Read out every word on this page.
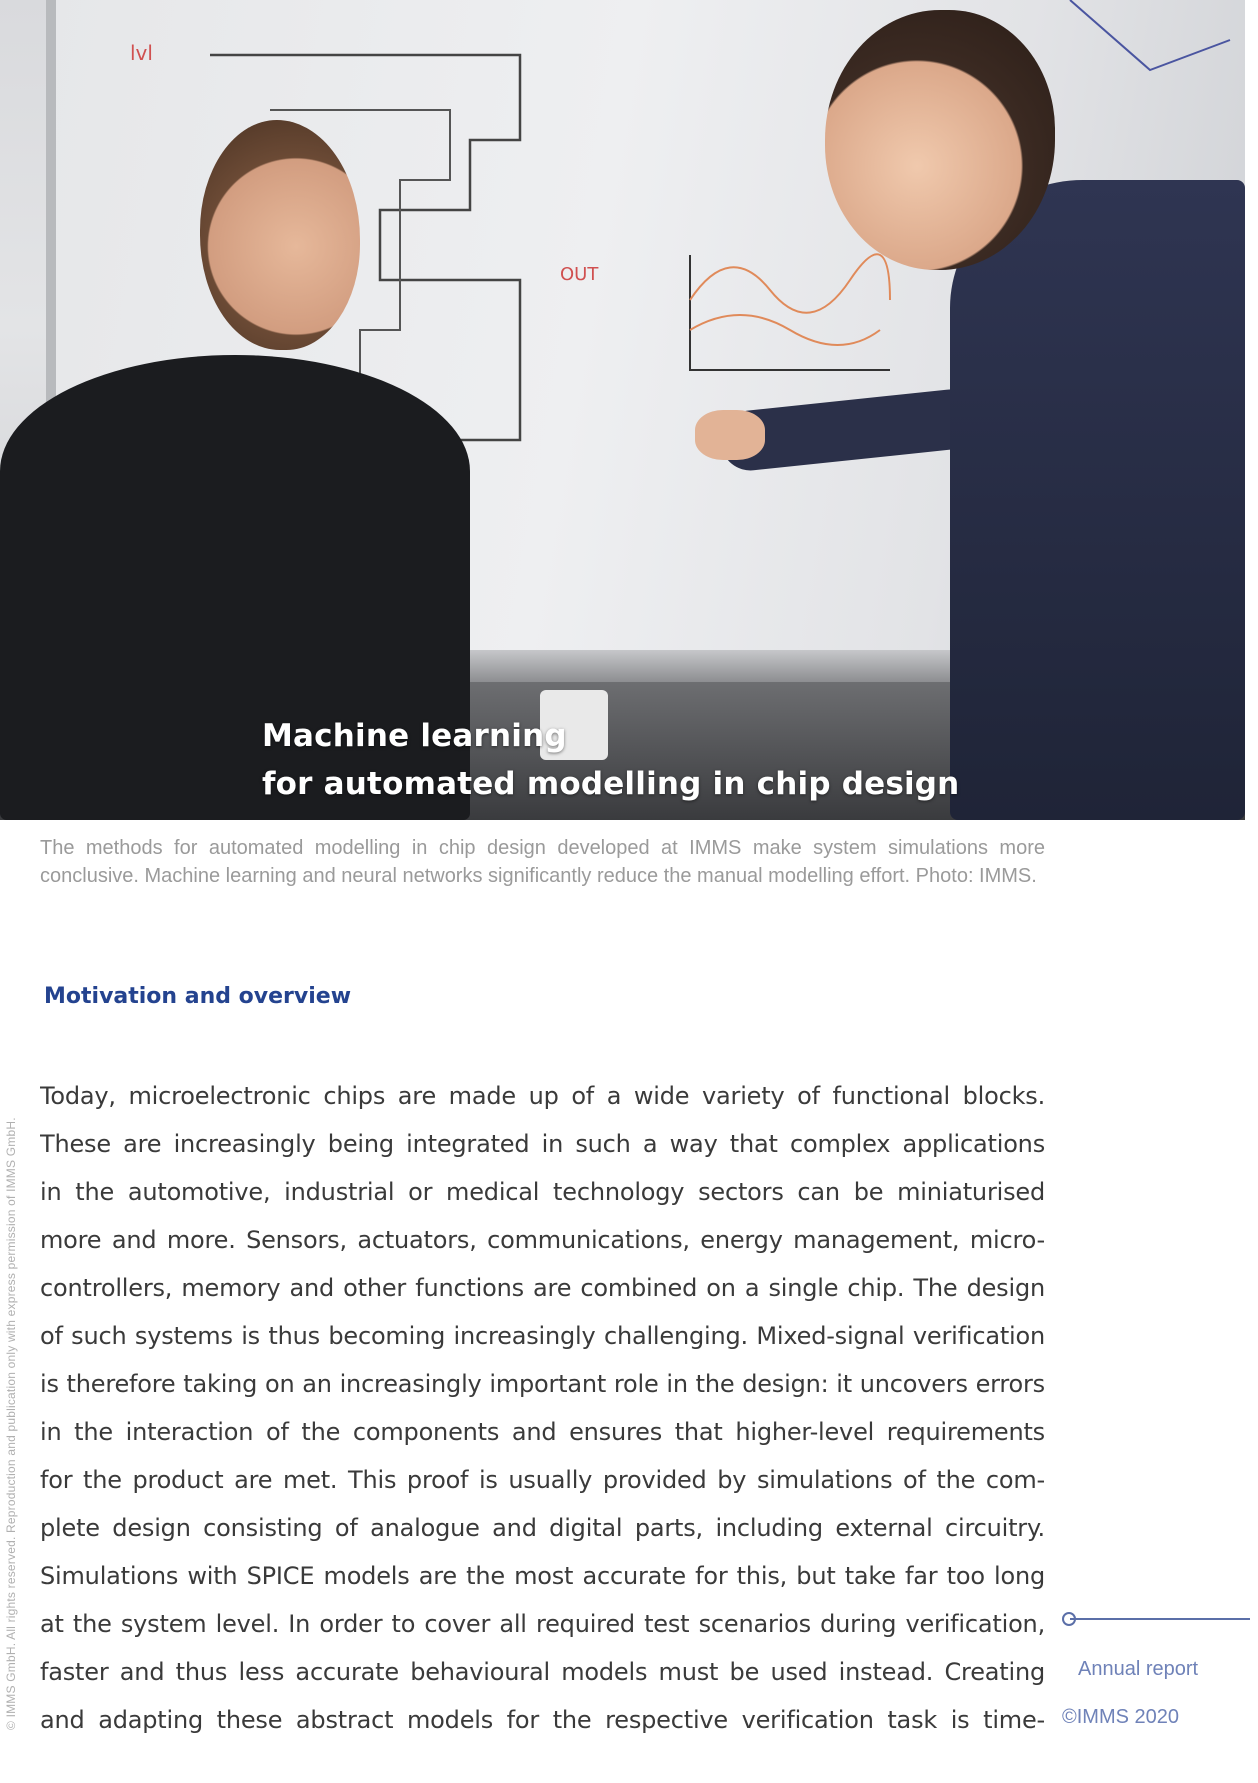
lvl
OUT
Machine learning
for automated modelling in chip design

The methods for automated modelling in chip design developed at IMMS make system simulations more conclusive. Machine learning and neural networks significantly reduce the manual modelling effort. Photo: IMMS.

© IMMS GmbH. All rights reserved. Reproduction and publication only with express permission of IMMS GmbH.
Motivation and overview
Today, microelectronic chips are made up of a wide variety of functional blocks.
These are increasingly being integrated in such a way that complex applications
in the automotive, industrial or medical technology sectors can be miniaturised
more and more. Sensors, actuators, communications, energy management, micro-
controllers, memory and other functions are combined on a single chip. The design
of such systems is thus becoming increasingly challenging. Mixed-signal verification
is therefore taking on an increasingly important role in the design: it uncovers errors
in the interaction of the components and ensures that higher-level requirements
for the product are met. This proof is usually provided by simulations of the com-
plete design consisting of analogue and digital parts, including external circuitry.
Simulations with SPICE models are the most accurate for this, but take far too long
at the system level. In order to cover all required test scenarios during verification,
faster and thus less accurate behavioural models must be used instead. Creating
and adapting these abstract models for the respective verification task is time-
Annual report
©IMMS 2020
